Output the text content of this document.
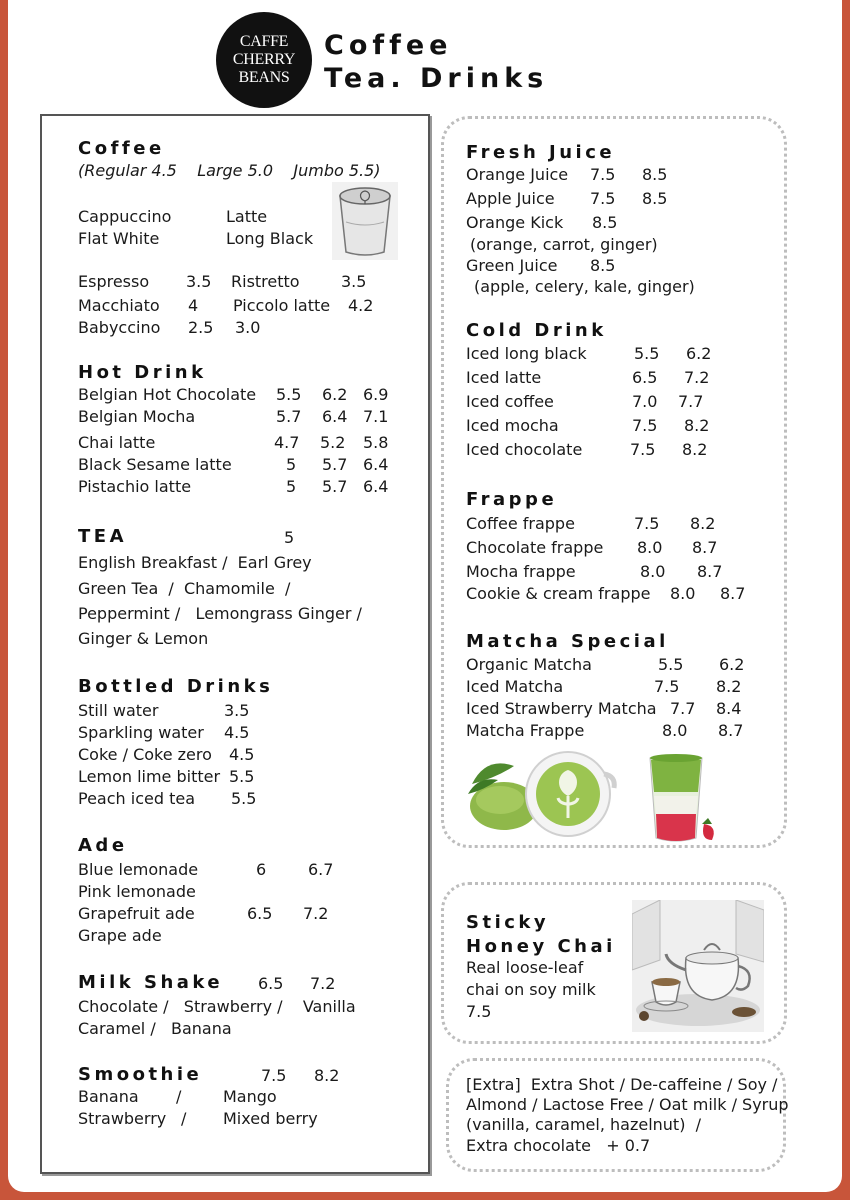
CAFFE
CHERRY
BEANS
Coffee
Tea. Drinks
Coffee
(Regular 4.5    Large 5.0    Jumbo 5.5)
Cappuccino	Latte
Flat White	Long Black
Espresso 3.5 Ristretto	3.5
Macchiato 4 Piccolo latte 4.2
Babyccino 2.5 3.0
Hot Drink
Belgian Hot Chocolate 5.5 6.2 6.9
Belgian Mocha	5.7 6.4 7.1
Chai latte	4.7 5.2 5.8
Black Sesame latte	5 5.7 6.4
Pistachio latte	5 5.7 6.4
TEA	5
English Breakfast /  Earl Grey
Green Tea  /  Chamomile  /
Peppermint /   Lemongrass Ginger /
Ginger & Lemon
Bottled Drinks
Still water	3.5
Sparkling water 4.5
Coke / Coke zero 4.5
Lemon lime bitter 5.5
Peach iced tea 5.5
Ade
Blue lemonade	6	6.7
Pink lemonade
Grapefruit ade	6.5 7.2
Grape ade
Milk Shake 6.5 7.2
Chocolate /   Strawberry /    Vanilla
Caramel /   Banana
Smoothie	7.5 8.2
Banana /	Mango
Strawberry / Mixed berry
Fresh Juice
Orange Juice 7.5 8.5
Apple Juice 7.5 8.5
Orange Kick 8.5
(orange, carrot, ginger)
Green Juice 8.5
(apple, celery, kale, ginger)
Cold Drink
Iced long black	5.5 6.2
Iced latte	6.5 7.2
Iced coffee	7.0 7.7
Iced mocha	7.5 8.2
Iced chocolate	7.5 8.2
Frappe
Coffee frappe	7.5 8.2
Chocolate frappe 8.0 8.7
Mocha frappe	8.0 8.7
Cookie & cream frappe 8.0 8.7
Matcha Special
Organic Matcha	5.5 6.2
Iced Matcha	7.5 8.2
Iced Strawberry Matcha 7.7 8.4
Matcha Frappe	8.0 8.7
Sticky
Honey Chai
Real loose-leaf
chai on soy milk
7.5
[Extra]  Extra Shot / De-caffeine / Soy /
Almond / Lactose Free / Oat milk / Syrup
(vanilla, caramel, hazelnut)  /
Extra chocolate   + 0.7
